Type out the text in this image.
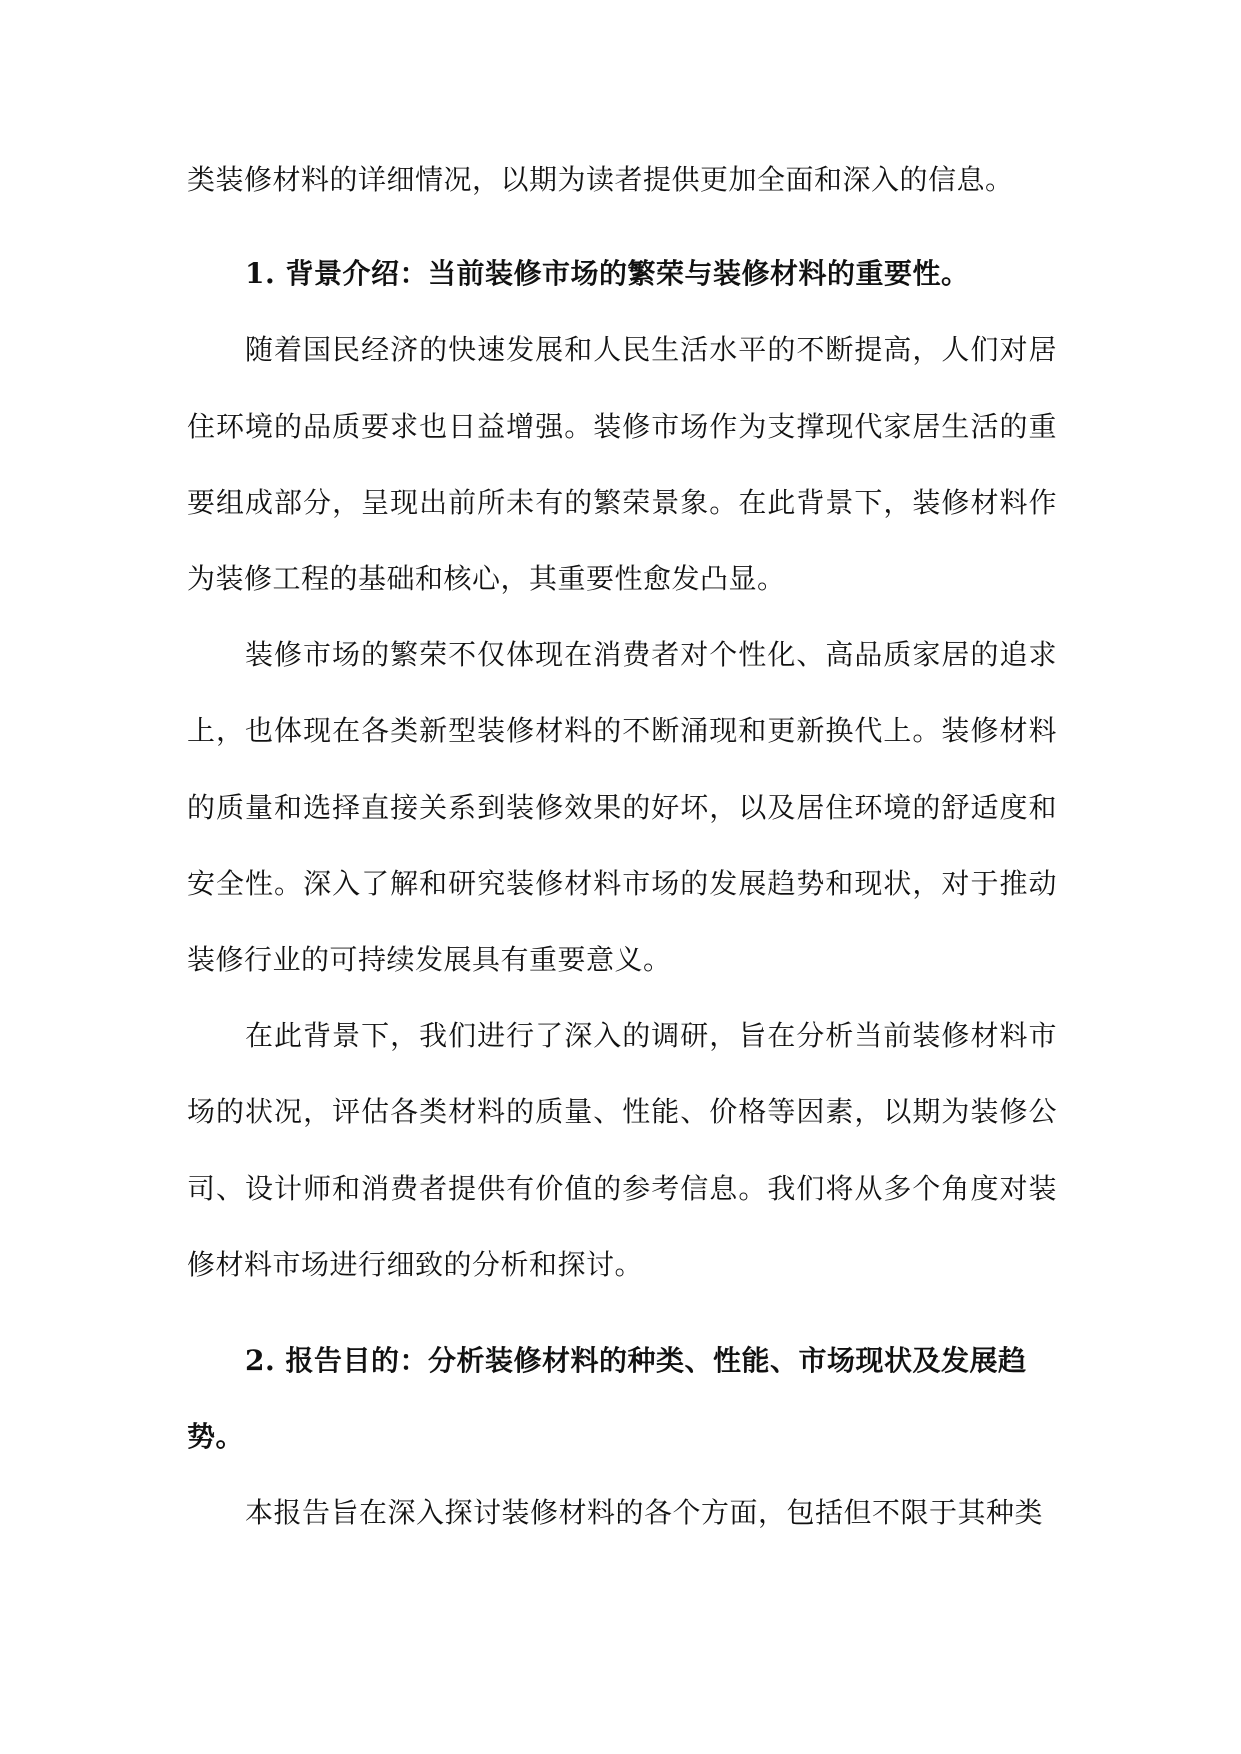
类装修材料的详细情况，以期为读者提供更加全面和深入的信息。

1. 背景介绍：当前装修市场的繁荣与装修材料的重要性。

随着国民经济的快速发展和人民生活水平的不断提高，人们对居住环境的品质要求也日益增强。装修市场作为支撑现代家居生活的重要组成部分，呈现出前所未有的繁荣景象。在此背景下，装修材料作为装修工程的基础和核心，其重要性愈发凸显。

装修市场的繁荣不仅体现在消费者对个性化、高品质家居的追求上，也体现在各类新型装修材料的不断涌现和更新换代上。装修材料的质量和选择直接关系到装修效果的好坏，以及居住环境的舒适度和安全性。深入了解和研究装修材料市场的发展趋势和现状，对于推动装修行业的可持续发展具有重要意义。

在此背景下，我们进行了深入的调研，旨在分析当前装修材料市场的状况，评估各类材料的质量、性能、价格等因素，以期为装修公司、设计师和消费者提供有价值的参考信息。我们将从多个角度对装修材料市场进行细致的分析和探讨。

2. 报告目的：分析装修材料的种类、性能、市场现状及发展趋势。

本报告旨在深入探讨装修材料的各个方面，包括但不限于其种类
